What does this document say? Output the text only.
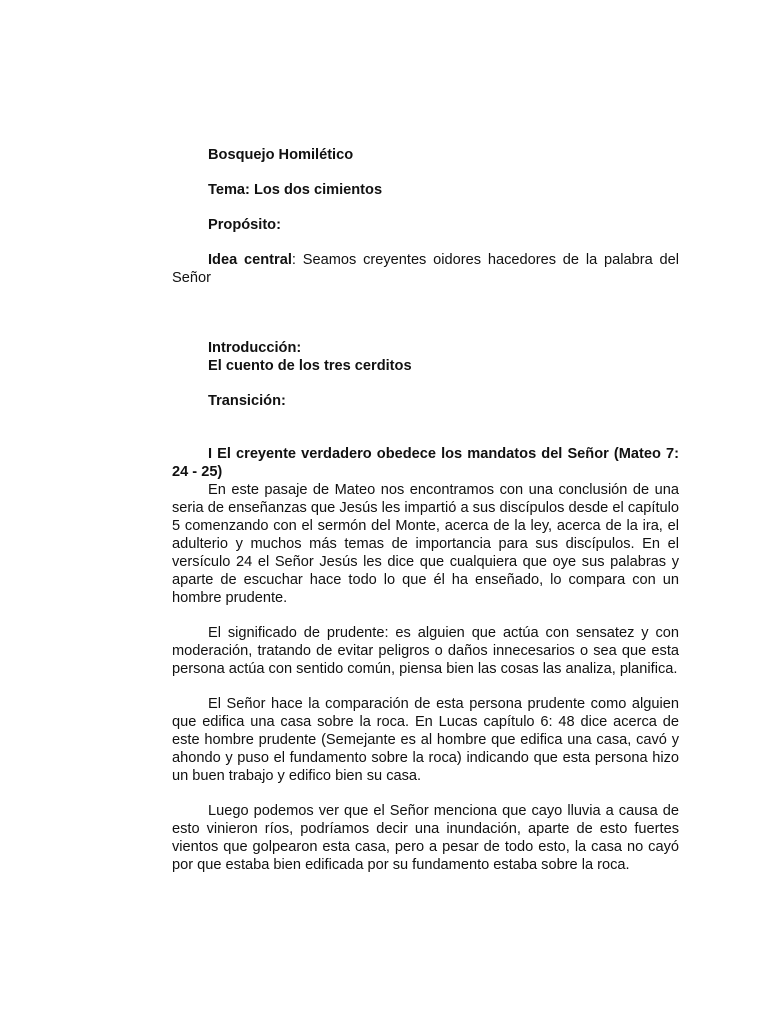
Bosquejo Homilético

Tema: Los dos cimientos

Propósito:

Idea central: Seamos creyentes oidores hacedores de la palabra del Señor

Introducción:

El cuento de los tres cerditos

Transición:

I El creyente verdadero obedece los mandatos del Señor (Mateo 7: 24 - 25)

En este pasaje de Mateo nos encontramos con una conclusión de una seria de enseñanzas que Jesús les impartió a sus discípulos desde el capítulo 5 comenzando con el sermón del Monte, acerca de la ley, acerca de la ira, el adulterio y muchos más temas de importancia para sus discípulos. En el versículo 24 el Señor Jesús les dice que cualquiera que oye sus palabras y aparte de escuchar hace todo lo que él ha enseñado, lo compara con un hombre prudente.

El significado de prudente: es alguien que actúa con sensatez y con moderación, tratando de evitar peligros o daños innecesarios o sea que esta persona actúa con sentido común, piensa bien las cosas las analiza, planifica.

El Señor hace la comparación de esta persona prudente como alguien que edifica una casa sobre la roca. En Lucas capítulo 6: 48 dice acerca de este hombre prudente (Semejante es al hombre que edifica una casa, cavó y ahondo y puso el fundamento sobre la roca) indicando que esta persona hizo un buen trabajo y edifico bien su casa.

Luego podemos ver que el Señor menciona que cayo lluvia a causa de esto vinieron ríos, podríamos decir una inundación, aparte de esto fuertes vientos que golpearon esta casa, pero a pesar de todo esto, la casa no cayó por que estaba bien edificada por su fundamento estaba sobre la roca.
